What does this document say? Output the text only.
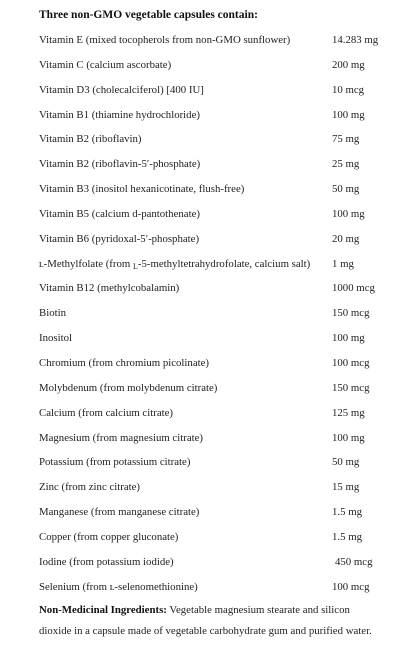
Three non-GMO vegetable capsules contain:
Vitamin E (mixed tocopherols from non-GMO sunflower)	14.283 mg
Vitamin C (calcium ascorbate)	200 mg
Vitamin D3 (cholecalciferol) [400 IU]	10 mcg
Vitamin B1 (thiamine hydrochloride)	100 mg
Vitamin B2 (riboflavin)	75 mg
Vitamin B2 (riboflavin-5′-phosphate)	25 mg
Vitamin B3 (inositol hexanicotinate, flush-free)	50 mg
Vitamin B5 (calcium d-pantothenate)	100 mg
Vitamin B6 (pyridoxal-5′-phosphate)	20 mg
ʟ-Methylfolate (from $_L$-5-methyltetrahydrofolate, calcium salt) 1 mg
Vitamin B12 (methylcobalamin)	1000 mcg
Biotin	150 mcg
Inositol	100 mg
Chromium (from chromium picolinate)	100 mcg
Molybdenum (from molybdenum citrate)	150 mcg
Calcium (from calcium citrate)	125 mg
Magnesium (from magnesium citrate)	100 mg
Potassium (from potassium citrate)	50 mg
Zinc (from zinc citrate)	15 mg
Manganese (from manganese citrate)	1.5 mg
Copper (from copper gluconate)	1.5 mg
Iodine (from potassium iodide)	450 mcg
Selenium (from ʟ-selenomethionine)	100 mcg
Non-Medicinal Ingredients: Vegetable magnesium stearate and silicon dioxide in a capsule made of vegetable carbohydrate gum and purified water.
